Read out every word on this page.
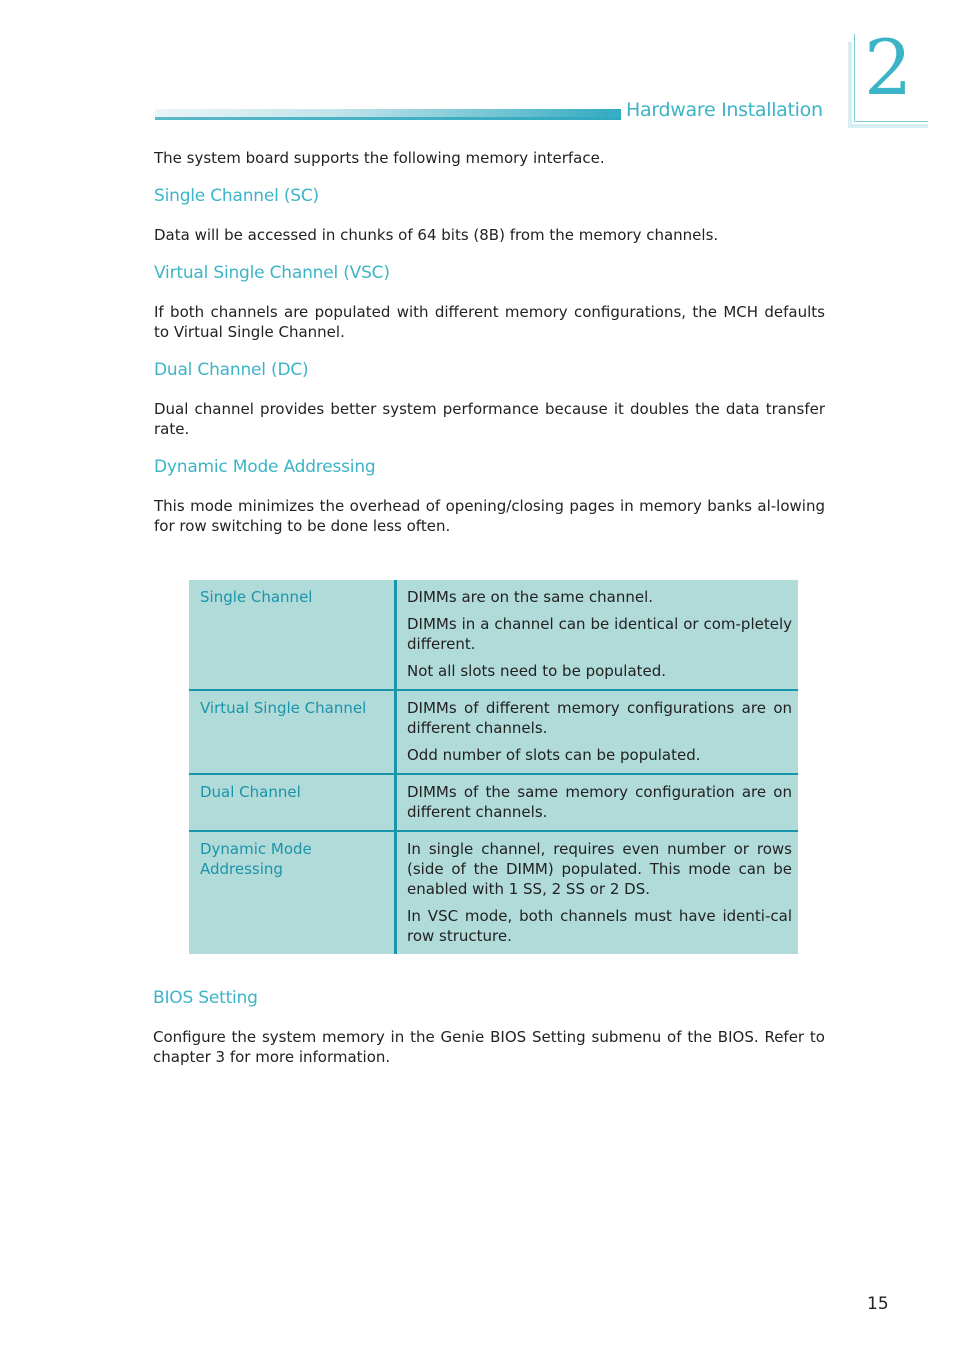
Hardware Installation 2

The system board supports the following memory interface.

Single Channel (SC)

Data will be accessed in chunks of 64 bits (8B) from the memory channels.

Virtual Single Channel (VSC)

If both channels are populated with different memory configurations, the MCH defaults to Virtual Single Channel.

Dual Channel (DC)

Dual channel provides better system performance because it doubles the data transfer rate.

Dynamic Mode Addressing

This mode minimizes the overhead of opening/closing pages in memory banks al-lowing for row switching to be done less often.

Single Channel	DIMMs are on the same channel.

DIMMs in a channel can be identical or com-pletely different.

Not all slots need to be populated.

Virtual Single Channel	DIMMs of different memory configurations are on different channels.

Odd number of slots can be populated.

Dual Channel	DIMMs of the same memory configuration are on different channels.

Dynamic Mode Addressing	In single channel, requires even number or rows (side of the DIMM) populated. This mode can be enabled with 1 SS, 2 SS or 2 DS.

In VSC mode, both channels must have identi-cal row structure.

BIOS Setting

Configure the system memory in the Genie BIOS Setting submenu of the BIOS. Refer to chapter 3 for more information.

15
